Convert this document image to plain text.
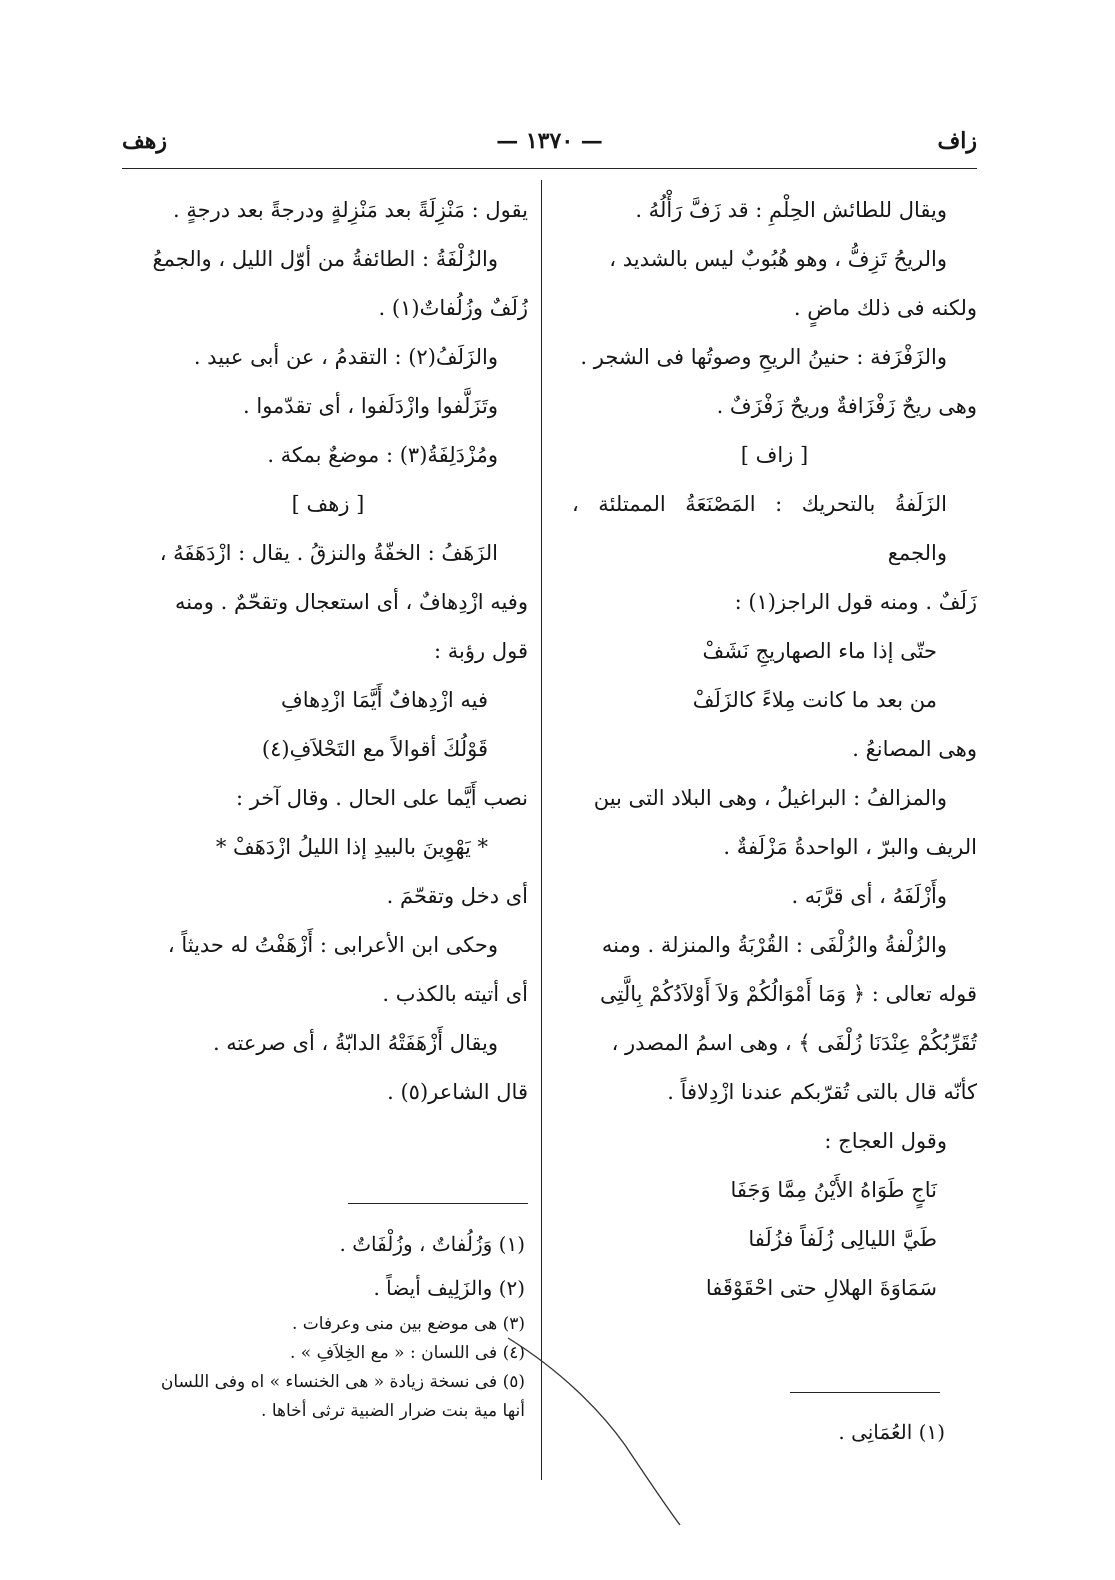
زاف
— ١٣٧٠ —
زهف

ويقال للطائش الحِلْمِ : قد زَفَّ رَأْلُهُ .

والريحُ تَزِفُّ ، وهو هُبُوبٌ ليس بالشديد ،

ولكنه فى ذلك ماضٍ .

والزَفْزَفة : حنينُ الريحِ وصوتُها فى الشجر .

وهى ريحٌ زَفْزَافةٌ وريحٌ زَفْزَفٌ .

[ زاف ]

الزَلَفةُ بالتحريك : المَصْنَعَةُ الممتلئة ، والجمع

زَلَفٌ . ومنه قول الراجز(١) :

حتّى إذا ماء الصهاريجِ نَشَفْ

من بعد ما كانت مِلاءً كالزَلَفْ

وهى المصانعُ .

والمزالفُ : البراغيلُ ، وهى البلاد التى بين

الريف والبرّ ، الواحدةُ مَزْلَفةٌ .

وأَزْلَفَهُ ، أى قرَّبَه .

والزُلْفةُ والزُلْفَى : القُرْبَةُ والمنزلة . ومنه

قوله تعالى : ﴿ وَمَا أَمْوَالُكُمْ وَلاَ أَوْلاَدُكُمْ بِالَّتِى

تُقَرِّبُكُمْ عِنْدَنَا زُلْفَى ﴾ ، وهى اسمُ المصدر ،

كأنّه قال بالتى تُقرّبكم عندنا ازْدِلافاً .

وقول العجاج :

نَاجٍ طَوَاهُ الأَيْنُ مِمَّا وَجَفَا

طَيَّ الليالِى زُلَفاً فزُلَفا

سَمَاوَةَ الهلالِ حتى احْقَوْقَفا

يقول : مَنْزِلَةً بعد مَنْزِلةٍ ودرجةً بعد درجةٍ .

والزُلْفَةُ : الطائفةُ من أوّل الليل ، والجمعُ

زُلَفٌ وزُلُفاتٌ(١) .

والزَلَفُ(٢) : التقدمُ ، عن أبى عبيد .

وتَزَلَّفوا وازْدَلَفوا ، أى تقدّموا .

ومُزْدَلِفَةُ(٣) : موضعٌ بمكة .

[ زهف ]

الزَهَفُ : الخفّةُ والنزقُ . يقال : ازْدَهَفَهُ ،

وفيه ازْدِهافٌ ، أى استعجال وتقحّمٌ . ومنه

قول رؤبة :

فيه ازْدِهافٌ أَيَّمَا ازْدِهافِ

قَوْلُكَ أقوالاً مع التَحْلاَفِ(٤)

نصب أَيَّما على الحال . وقال آخر :

* يَهْوِينَ بالبيدِ إذا الليلُ ازْدَهَفْ *

أى دخل وتقحّمَ .

وحكى ابن الأعرابى : أَزْهَفْتُ له حديثاً ،

أى أتيته بالكذب .

ويقال أَزْهَفَتْهُ الدابّةُ ، أى صرعته .

قال الشاعر(٥) .

(١) وَزُلُفاتٌ ، وزُلْفَاتٌ .

(٢) والزَلِيف أيضاً .

(٣) هى موضع بين منى وعرفات .

(٤) فى اللسان : « مع الخِلاَفِ » .

(٥) فى نسخة زيادة « هى الخنساء » اه وفى اللسان

أنها مية بنت ضرار الضبية ترثى أخاها .

(١) العُمَانِى .
